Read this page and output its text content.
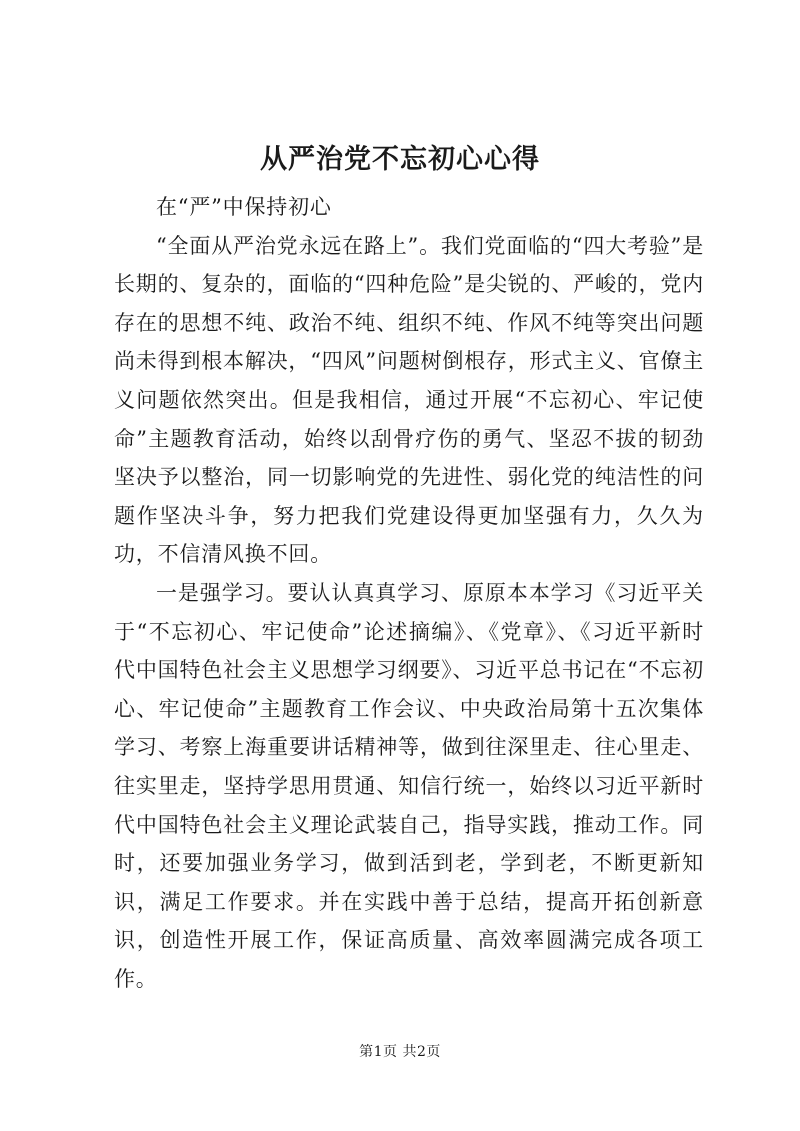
从严治党不忘初心心得

在“严”中保持初心

“全面从严治党永远在路上”。我们党面临的“四大考验”是长期的、复杂的，面临的“四种危险”是尖锐的、严峻的，党内存在的思想不纯、政治不纯、组织不纯、作风不纯等突出问题尚未得到根本解决，“四风”问题树倒根存，形式主义、官僚主义问题依然突出。但是我相信，通过开展“不忘初心、牢记使命”主题教育活动，始终以刮骨疗伤的勇气、坚忍不拔的韧劲坚决予以整治，同一切影响党的先进性、弱化党的纯洁性的问题作坚决斗争，努力把我们党建设得更加坚强有力，久久为功，不信清风换不回。

一是强学习。要认认真真学习、原原本本学习《习近平关于“不忘初心、牢记使命”论述摘编》、《党章》、《习近平新时代中国特色社会主义思想学习纲要》、习近平总书记在“不忘初心、牢记使命”主题教育工作会议、中央政治局第十五次集体学习、考察上海重要讲话精神等，做到往深里走、往心里走、往实里走，坚持学思用贯通、知信行统一，始终以习近平新时代中国特色社会主义理论武装自己，指导实践，推动工作。同时，还要加强业务学习，做到活到老，学到老，不断更新知识，满足工作要求。并在实践中善于总结，提高开拓创新意识，创造性开展工作，保证高质量、高效率圆满完成各项工作。

第1页 共2页
